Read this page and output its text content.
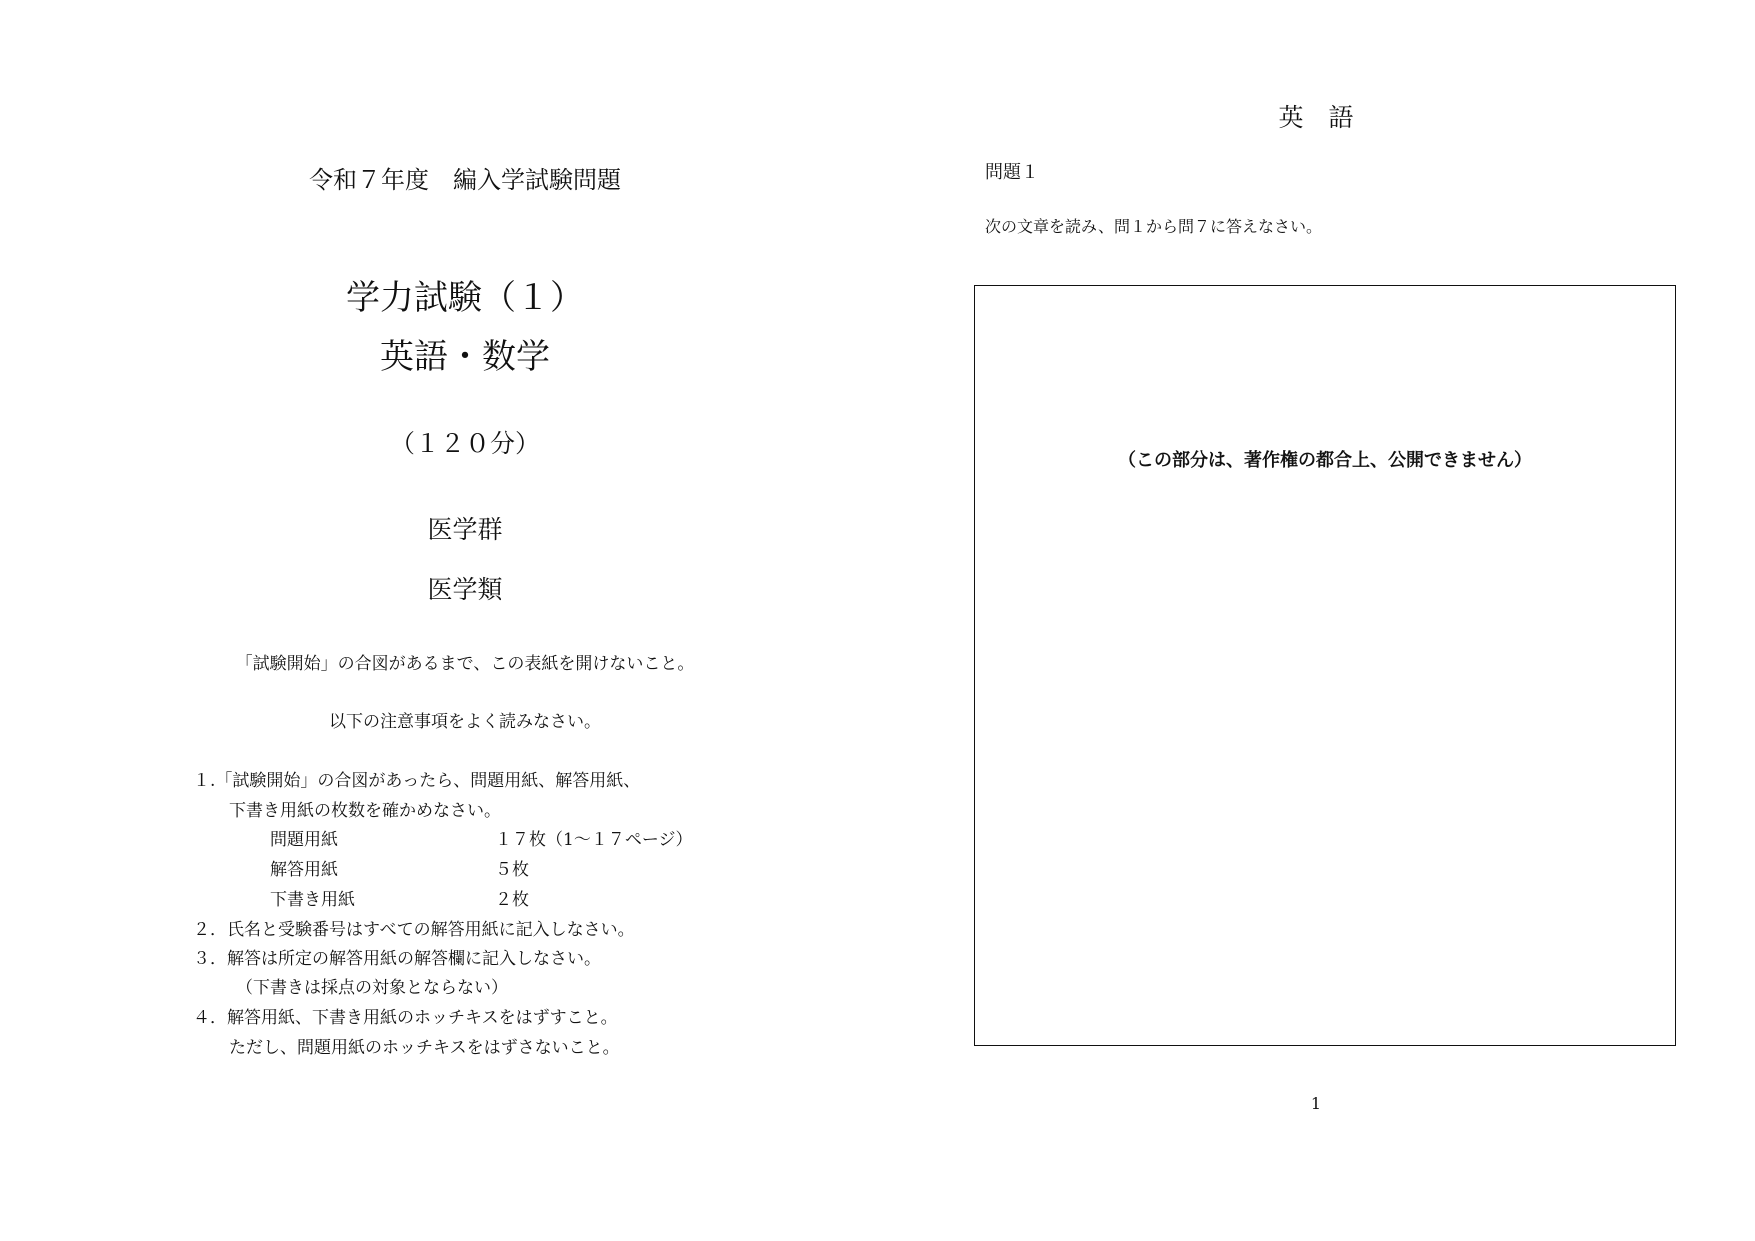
令和７年度　編入学試験問題
学力試験（１）
英語・数学
（１２０分）
医学群
医学類
「試験開始」の合図があるまで、この表紙を開けないこと。
以下の注意事項をよく読みなさい。
１.「試験開始」の合図があったら、問題用紙、解答用紙、
下書き用紙の枚数を確かめなさい。
問題用紙	１７枚（1～１７ページ）
解答用紙	５枚
下書き用紙	２枚
２．氏名と受験番号はすべての解答用紙に記入しなさい。
３．解答は所定の解答用紙の解答欄に記入しなさい。
（下書きは採点の対象とならない）
４．解答用紙、下書き用紙のホッチキスをはずすこと。
ただし、問題用紙のホッチキスをはずさないこと。
英　語
問題１
次の文章を読み、問１から問７に答えなさい。
（この部分は、著作権の都合上、公開できません）
1
